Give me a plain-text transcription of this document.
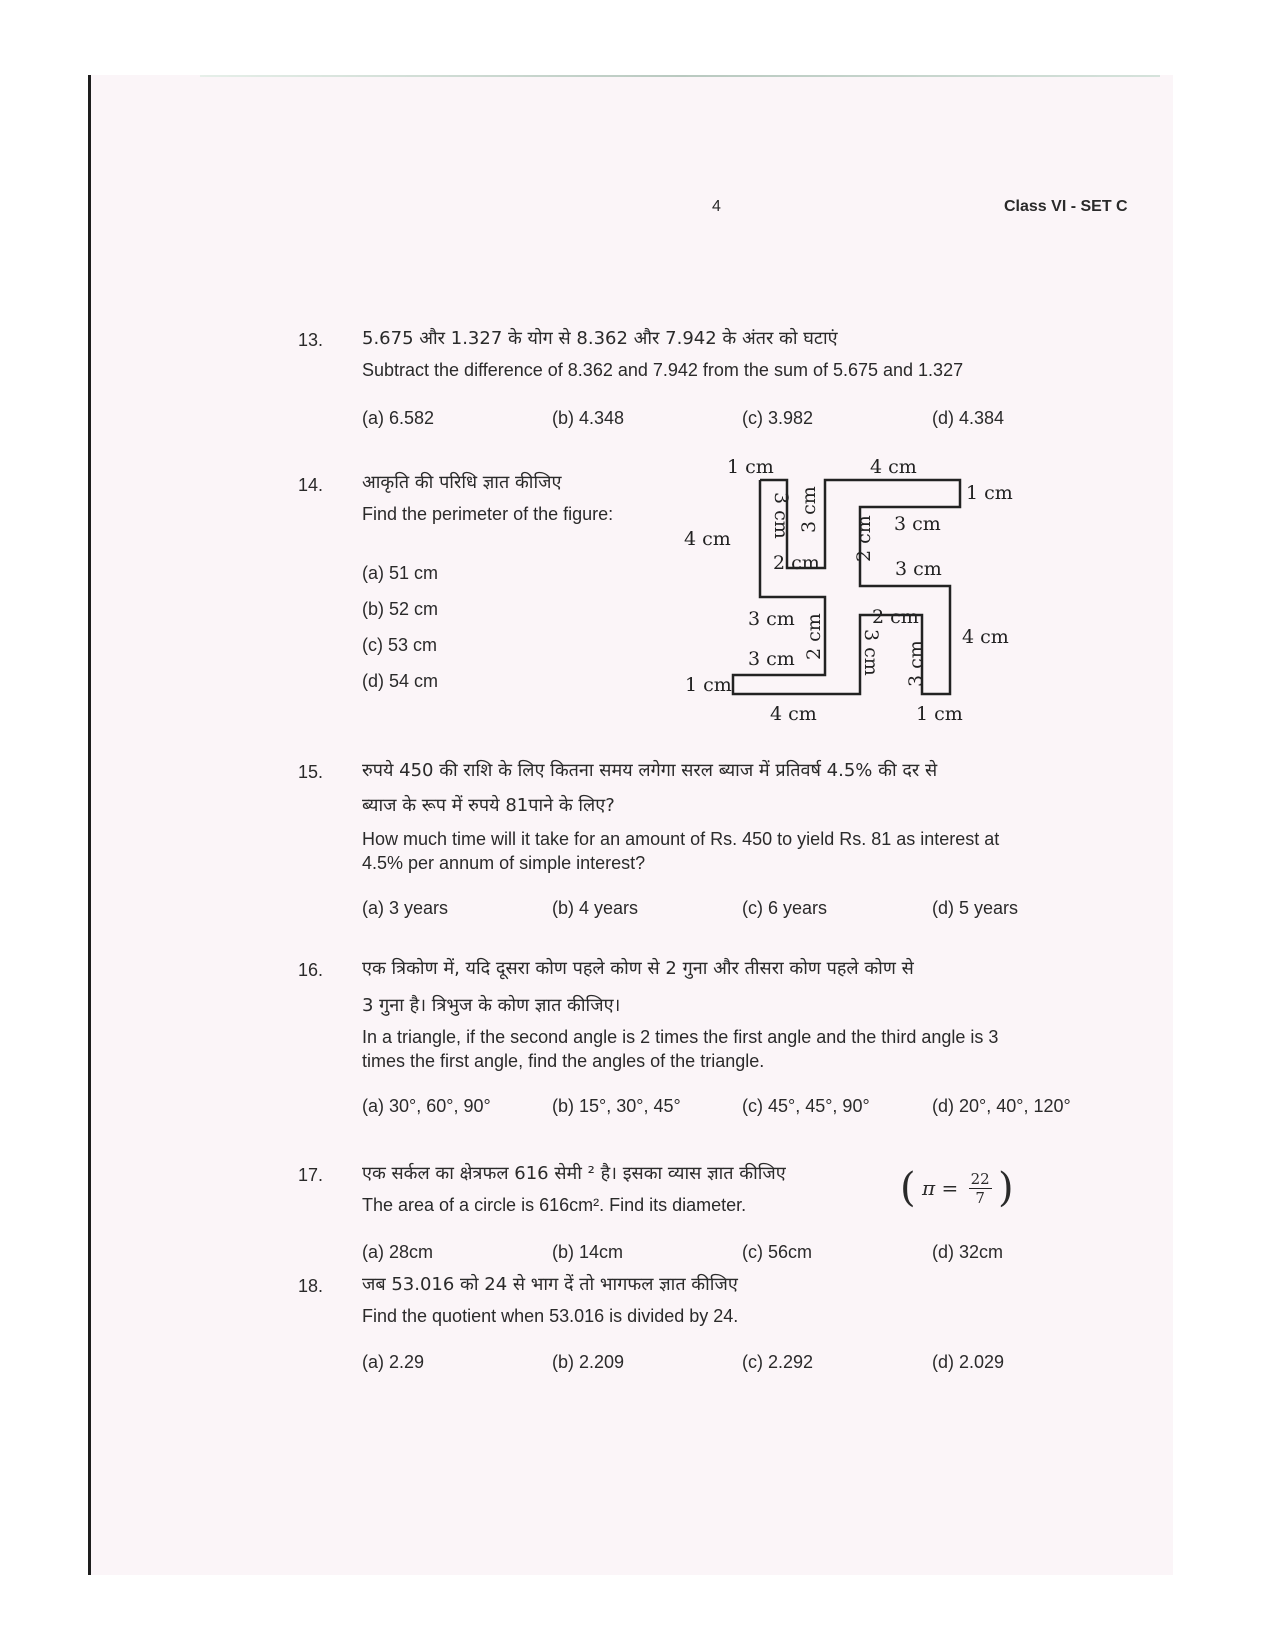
4	Class VI - SET C
13. 5.675 और 1.327 के योग से 8.362 और 7.942 के अंतर को घटाएं
Subtract the difference of 8.362 and 7.942 from the sum of 5.675 and 1.327
(a) 6.582	(b) 4.348	(c) 3.982	(d) 4.384
14. आकृति की परिधि ज्ञात कीजिए
Find the perimeter of the figure:
(a) 51 cm
(b) 52 cm
(c) 53 cm
(d) 54 cm
1 cm	4 cm
1 cm
3 cm 3 cm	3 cm
4 cm
2 cm
2 cm
3 cm
3 cm 2 cm 2 cm
4 cm
3 cm	3 cm 3 cm
1 cm
4 cm	1 cm
15. रुपये 450 की राशि के लिए कितना समय लगेगा सरल ब्याज में प्रतिवर्ष 4.5% की दर से
ब्याज के रूप में रुपये 81पाने के लिए?
How much time will it take for an amount of Rs. 450 to yield Rs. 81 as interest at
4.5% per annum of simple interest?
(a) 3 years	(b) 4 years	(c) 6 years	(d) 5 years
16. एक त्रिकोण में, यदि दूसरा कोण पहले कोण से 2 गुना और तीसरा कोण पहले कोण से
3 गुना है। त्रिभुज के कोण ज्ञात कीजिए।
In a triangle, if the second angle is 2 times the first angle and the third angle is 3
times the first angle, find the angles of the triangle.
(a) 30°, 60°, 90°	(b) 15°, 30°, 45°	(c) 45°, 45°, 90°	(d) 20°, 40°, 120°
17. एक सर्कल का क्षेत्रफल 616 सेमी ² है। इसका व्यास ज्ञात कीजिए	( $\pi = \frac{22}{7}$ )
The area of a circle is 616cm². Find its diameter.
(a) 28cm	(b) 14cm	(c) 56cm	(d) 32cm
18. जब 53.016 को 24 से भाग दें तो भागफल ज्ञात कीजिए
Find the quotient when 53.016 is divided by 24.
(a) 2.29	(b) 2.209	(c) 2.292	(d) 2.029
